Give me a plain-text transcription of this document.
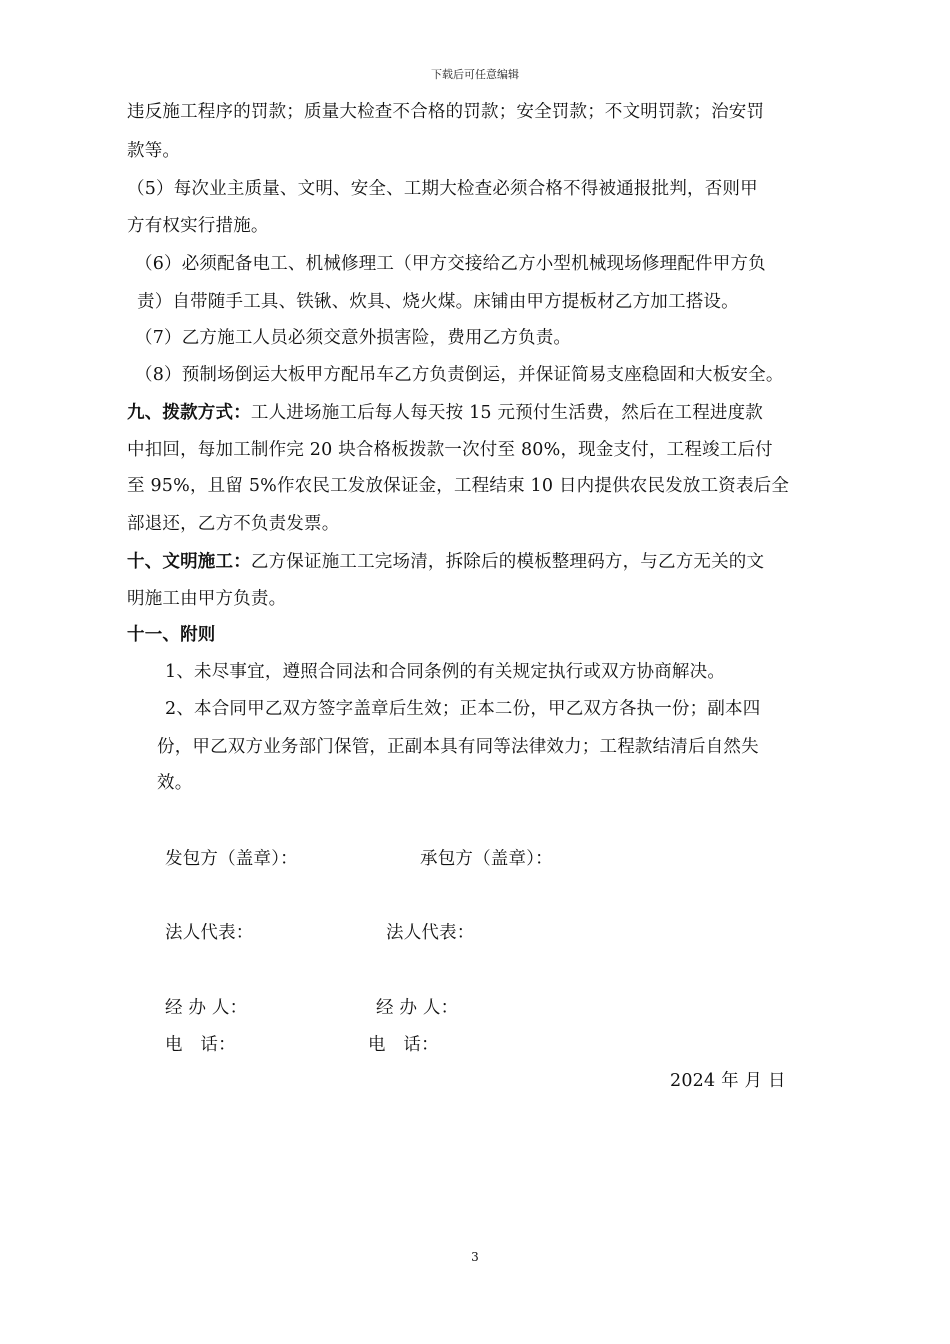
下载后可任意编辑
违反施工程序的罚款；质量大检查不合格的罚款；安全罚款；不文明罚款；治安罚
款等。
（5）每次业主质量、文明、安全、工期大检查必须合格不得被通报批判，否则甲
方有权实行措施。
（6）必须配备电工、机械修理工（甲方交接给乙方小型机械现场修理配件甲方负
责）自带随手工具、铁锹、炊具、烧火煤。床铺由甲方提板材乙方加工搭设。
（7）乙方施工人员必须交意外损害险，费用乙方负责。
（8）预制场倒运大板甲方配吊车乙方负责倒运，并保证简易支座稳固和大板安全。
九、拨款方式：工人进场施工后每人每天按 15 元预付生活费，然后在工程进度款
中扣回，每加工制作完 20 块合格板拨款一次付至 80%，现金支付，工程竣工后付
至 95%，且留 5%作农民工发放保证金，工程结束 10 日内提供农民发放工资表后全
部退还，乙方不负责发票。
十、文明施工：乙方保证施工工完场清，拆除后的模板整理码方，与乙方无关的文
明施工由甲方负责。
十一、附则
1、未尽事宜，遵照合同法和合同条例的有关规定执行或双方协商解决。
2、本合同甲乙双方签字盖章后生效；正本二份，甲乙双方各执一份；副本四
份，甲乙双方业务部门保管，正副本具有同等法律效力；工程款结清后自然失
效。
发包方（盖章）：	承包方（盖章）：
法人代表：	法人代表：
经 办 人：	经 办 人：
电　话：	电　话：
2024 年 月 日
3
